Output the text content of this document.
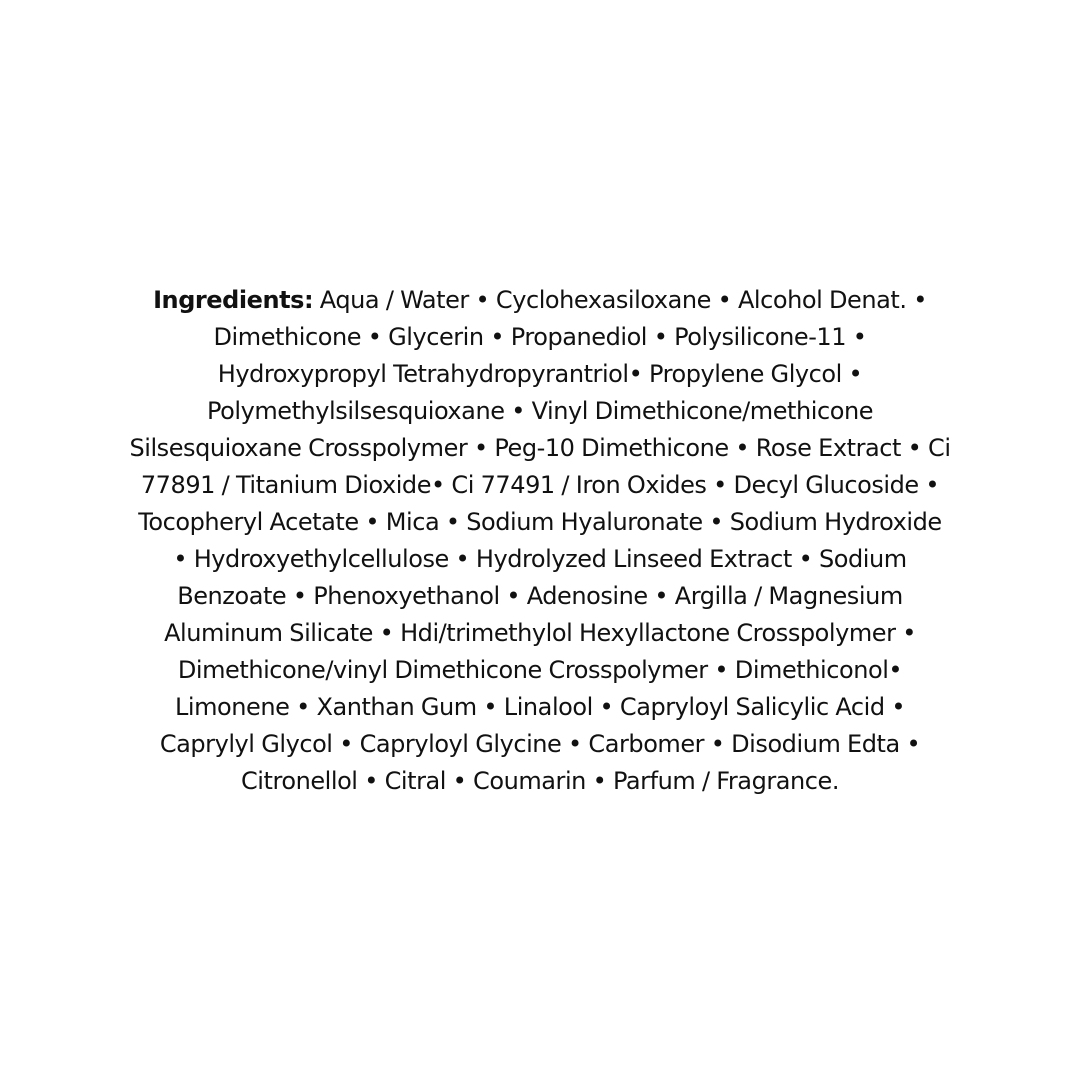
Ingredients: Aqua / Water • Cyclohexasiloxane • Alcohol Denat. •
Dimethicone • Glycerin • Propanediol • Polysilicone-11 •
Hydroxypropyl Tetrahydropyrantriol• Propylene Glycol •
Polymethylsilsesquioxane • Vinyl Dimethicone/methicone
Silsesquioxane Crosspolymer • Peg-10 Dimethicone • Rose Extract • Ci
77891 / Titanium Dioxide• Ci 77491 / Iron Oxides • Decyl Glucoside •
Tocopheryl Acetate • Mica • Sodium Hyaluronate • Sodium Hydroxide
• Hydroxyethylcellulose • Hydrolyzed Linseed Extract • Sodium
Benzoate • Phenoxyethanol • Adenosine • Argilla / Magnesium
Aluminum Silicate • Hdi/trimethylol Hexyllactone Crosspolymer •
Dimethicone/vinyl Dimethicone Crosspolymer • Dimethiconol•
Limonene • Xanthan Gum • Linalool • Capryloyl Salicylic Acid •
Caprylyl Glycol • Capryloyl Glycine • Carbomer • Disodium Edta •
Citronellol • Citral • Coumarin • Parfum / Fragrance.
